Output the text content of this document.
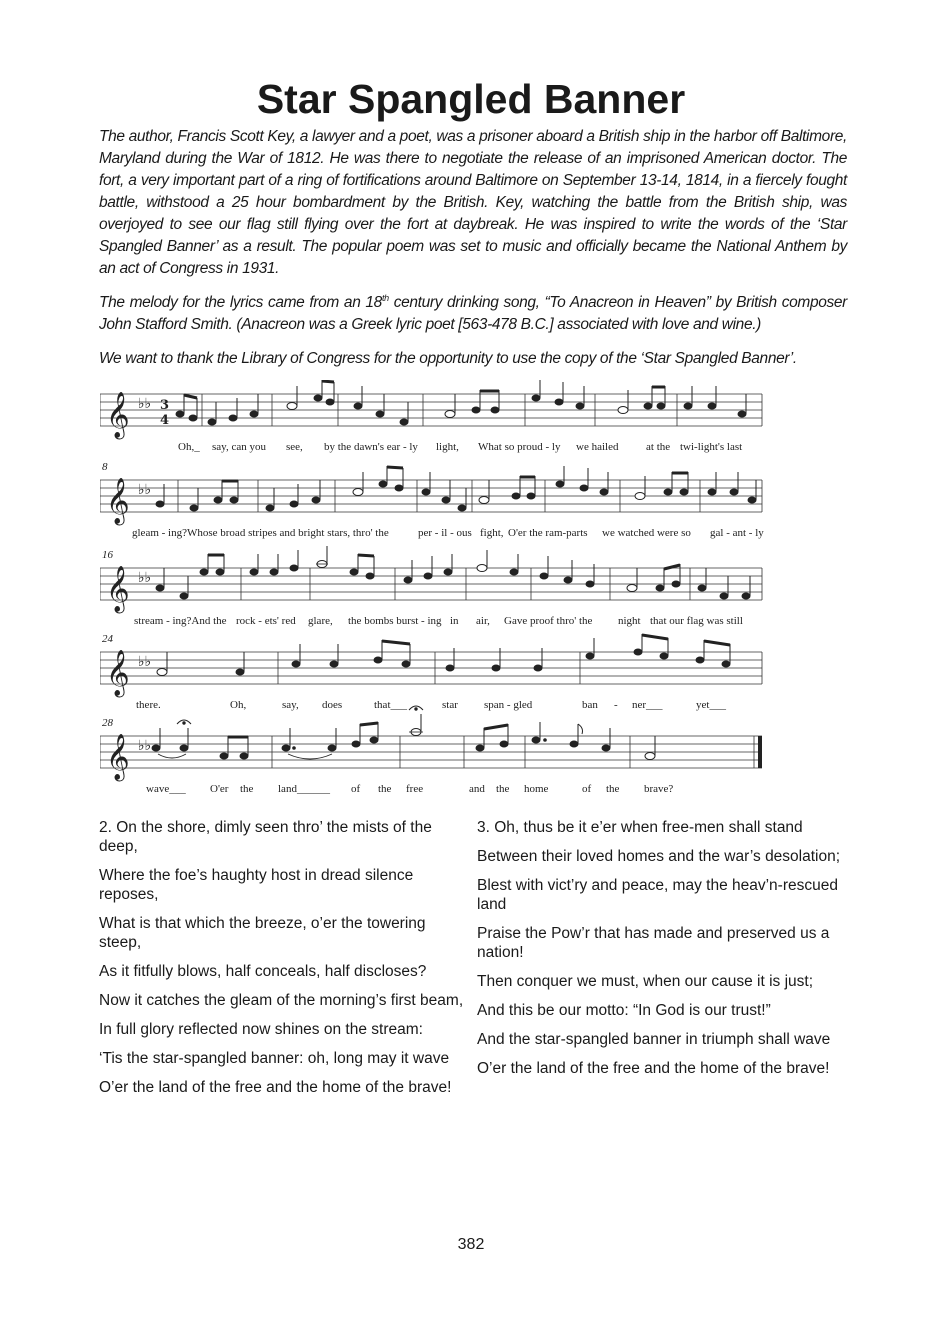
Star Spangled Banner

The author, Francis Scott Key, a lawyer and a poet, was a prisoner aboard a British ship in the harbor off Baltimore, Maryland during the War of 1812. He was there to negotiate the release of an imprisoned American doctor. The fort, a very important part of a ring of fortifications around Baltimore on September 13-14, 1814, in a fiercely fought battle, withstood a 25 hour bombardment by the British. Key, watching the battle from the British ship, was overjoyed to see our flag still flying over the fort at daybreak. He was inspired to write the words of the ‘Star Spangled Banner’ as a result. The popular poem was set to music and officially became the National Anthem by an act of Congress in 1931.

The melody for the lyrics came from an 18th century drinking song, “To Anacreon in Heaven” by British composer John Stafford Smith. (Anacreon was a Greek lyric poet [563-478 B.C.] associated with love and wine.)

We want to thank the Library of Congress for the opportunity to use the copy of the ‘Star Spangled Banner’.

𝄞 ♭♭ 3
4
Oh,_ say, can you see, by the dawn's ear - ly light, What so proud - ly we hailed	at the twi-light's last
8
𝄞 ♭♭
gleam - ing?Whose broad stripes and bright stars, thro' the	per - il - ous fight, O'er the ram-parts we watched were so gal - ant - ly
16
𝄞 ♭♭
stream - ing?And the rock - ets' red glare, the bombs burst - ing in air, Gave proof thro' the night that our flag was still
24
𝄞 ♭♭
there.	Oh,	say, does	that___	star span - gled	ban - ner___	yet___
28
𝄞 ♭♭
wave___ O'er the land______ of the free	and the home	of the brave?

2. On the shore, dimly seen thro’ the mists of the deep,

Where the foe’s haughty host in dread silence reposes,

What is that which the breeze, o’er the towering steep,

As it fitfully blows, half conceals, half discloses?

Now it catches the gleam of the morning’s first beam,

In full glory reflected now shines on the stream:

‘Tis the star-spangled banner: oh, long may it wave

O’er the land of the free and the home of the brave!

3. Oh, thus be it e’er when free-men shall stand

Between their loved homes and the war’s desolation;

Blest with vict’ry and peace, may the heav’n-rescued land

Praise the Pow’r that has made and preserved us a nation!

Then conquer we must, when our cause it is just;

And this be our motto: “In God is our trust!”

And the star-spangled banner in triumph shall wave

O’er the land of the free and the home of the brave!

382
